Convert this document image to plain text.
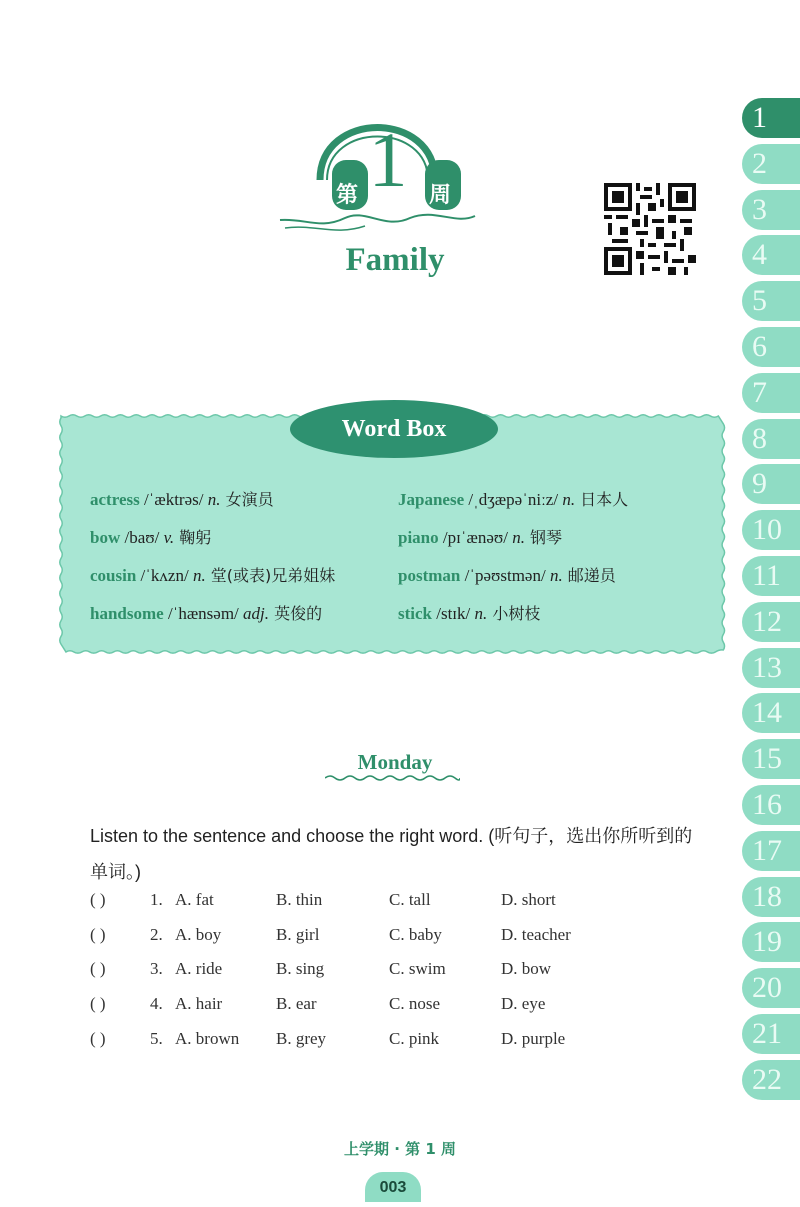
1
第	周
Family
1
2
3
4
5
6
7
8
9
10
11
12
13
14
15
16
17
18
19
20
21
22
Word Box
actress /ˈæktrəs/ n. 女演员	Japanese /ˌdʒæpəˈniːz/ n. 日本人
bow /baʊ/ v. 鞠躬	piano /pɪˈænəʊ/ n. 钢琴
cousin /ˈkʌzn/ n. 堂(或表)兄弟姐妹	postman /ˈpəʊstmən/ n. 邮递员
handsome /ˈhænsəm/ adj. 英俊的	stick /stɪk/ n. 小树枝
Monday
Listen to the sentence and choose the right word. (听句子，选出你所听到的单词。)
( )	1. A. fat	B. thin	C. tall	D. short
( )	2. A. boy	B. girl	C. baby	D. teacher
( )	3. A. ride	B. sing	C. swim	D. bow
( )	4. A. hair	B. ear	C. nose	D. eye
( )	5. A. brown B. grey	C. pink	D. purple
上学期 · 第 1 周
003
